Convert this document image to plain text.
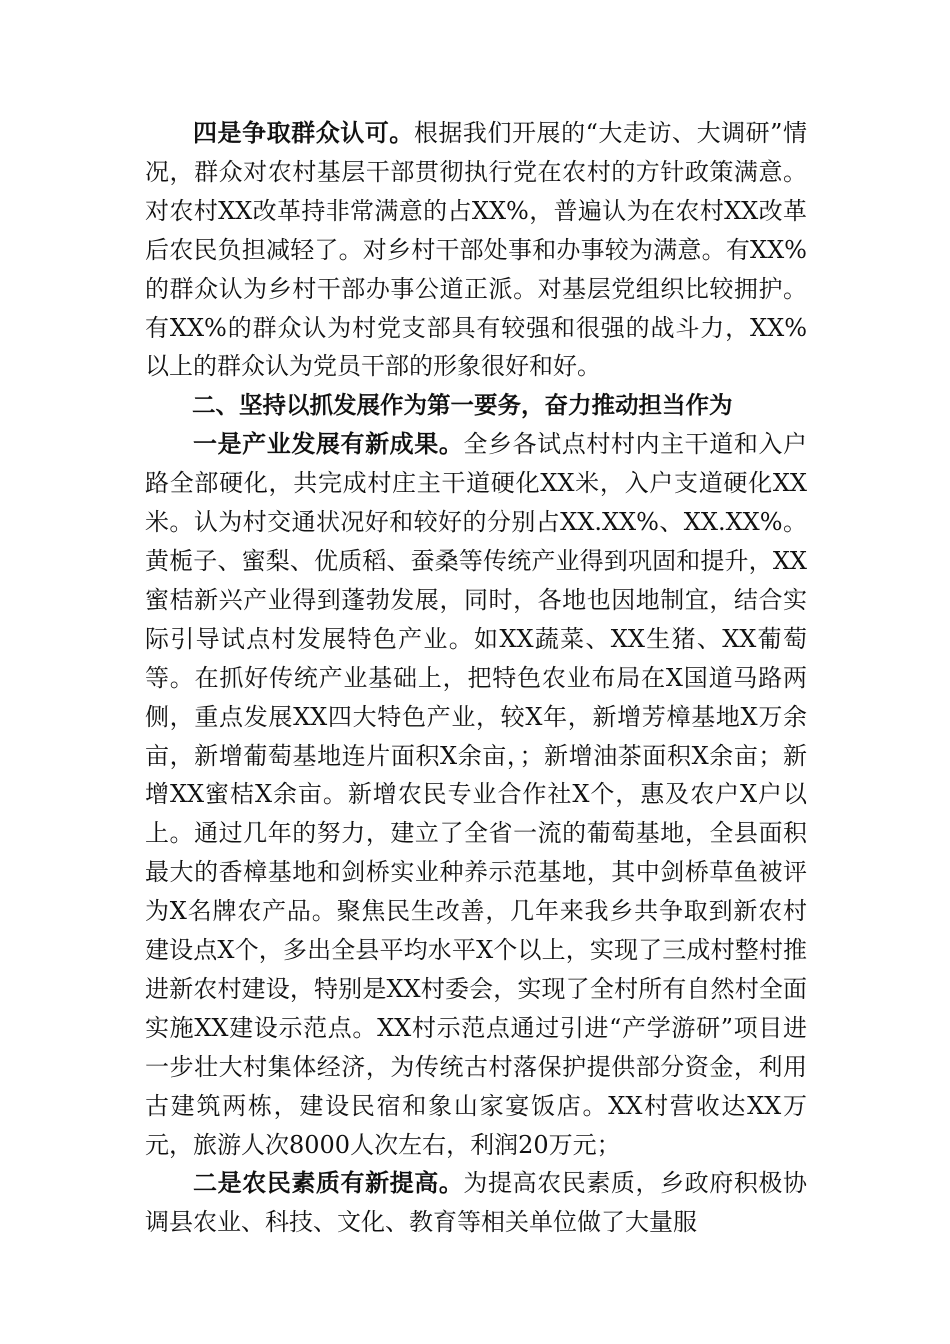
四是争取群众认可。根据我们开展的“大走访、大调研”情况，群众对农村基层干部贯彻执行党在农村的方针政策满意。对农村XX改革持非常满意的占XX%，普遍认为在农村XX改革后农民负担减轻了。对乡村干部处事和办事较为满意。有XX%的群众认为乡村干部办事公道正派。对基层党组织比较拥护。有XX%的群众认为村党支部具有较强和很强的战斗力，XX%以上的群众认为党员干部的形象很好和好。

二、坚持以抓发展作为第一要务，奋力推动担当作为

一是产业发展有新成果。全乡各试点村村内主干道和入户路全部硬化，共完成村庄主干道硬化XX米，入户支道硬化XX米。认为村交通状况好和较好的分别占XX.XX%、XX.XX%。黄栀子、蜜梨、优质稻、蚕桑等传统产业得到巩固和提升，XX蜜桔新兴产业得到蓬勃发展，同时，各地也因地制宜，结合实际引导试点村发展特色产业。如XX蔬菜、XX生猪、XX葡萄等。在抓好传统产业基础上，把特色农业布局在X国道马路两侧，重点发展XX四大特色产业，较X年，新增芳樟基地X万余亩，新增葡萄基地连片面积X余亩，；新增油茶面积X余亩；新增XX蜜桔X余亩。新增农民专业合作社X个，惠及农户X户以上。通过几年的努力，建立了全省一流的葡萄基地，全县面积最大的香樟基地和剑桥实业种养示范基地，其中剑桥草鱼被评为X名牌农产品。聚焦民生改善，几年来我乡共争取到新农村建设点X个，多出全县平均水平X个以上，实现了三成村整村推进新农村建设，特别是XX村委会，实现了全村所有自然村全面实施XX建设示范点。XX村示范点通过引进“产学游研”项目进一步壮大村集体经济，为传统古村落保护提供部分资金，利用古建筑两栋，建设民宿和象山家宴饭店。XX村营收达XX万元，旅游人次8000人次左右，利润20万元；

二是农民素质有新提高。为提高农民素质，乡政府积极协调县农业、科技、文化、教育等相关单位做了大量服
